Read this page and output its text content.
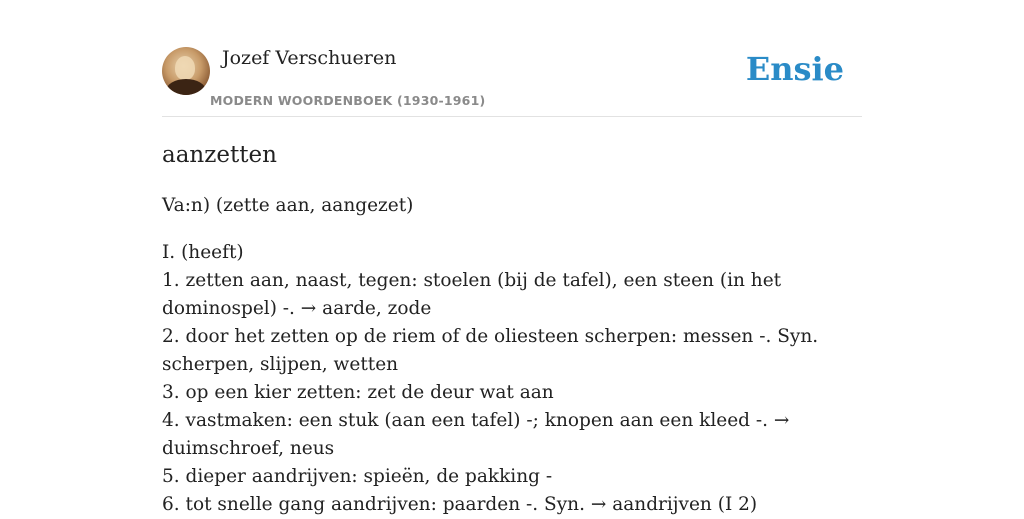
Jozef Verschueren
MODERN WOORDENBOEK (1930-1961)
Ensie
aanzetten
Va:n) (zette aan, aangezet)
I. (heeft)
1. zetten aan, naast, tegen: stoelen (bij de tafel), een steen (in het dominospel) -. → aarde, zode
2. door het zetten op de riem of de oliesteen scherpen: messen -. Syn. scherpen, slijpen, wetten
3. op een kier zetten: zet de deur wat aan
4. vastmaken: een stuk (aan een tafel) -; knopen aan een kleed -. → duimschroef, neus
5. dieper aandrijven: spieën, de pakking -
6. tot snelle gang aandrijven: paarden -. Syn. → aandrijven (I 2)
